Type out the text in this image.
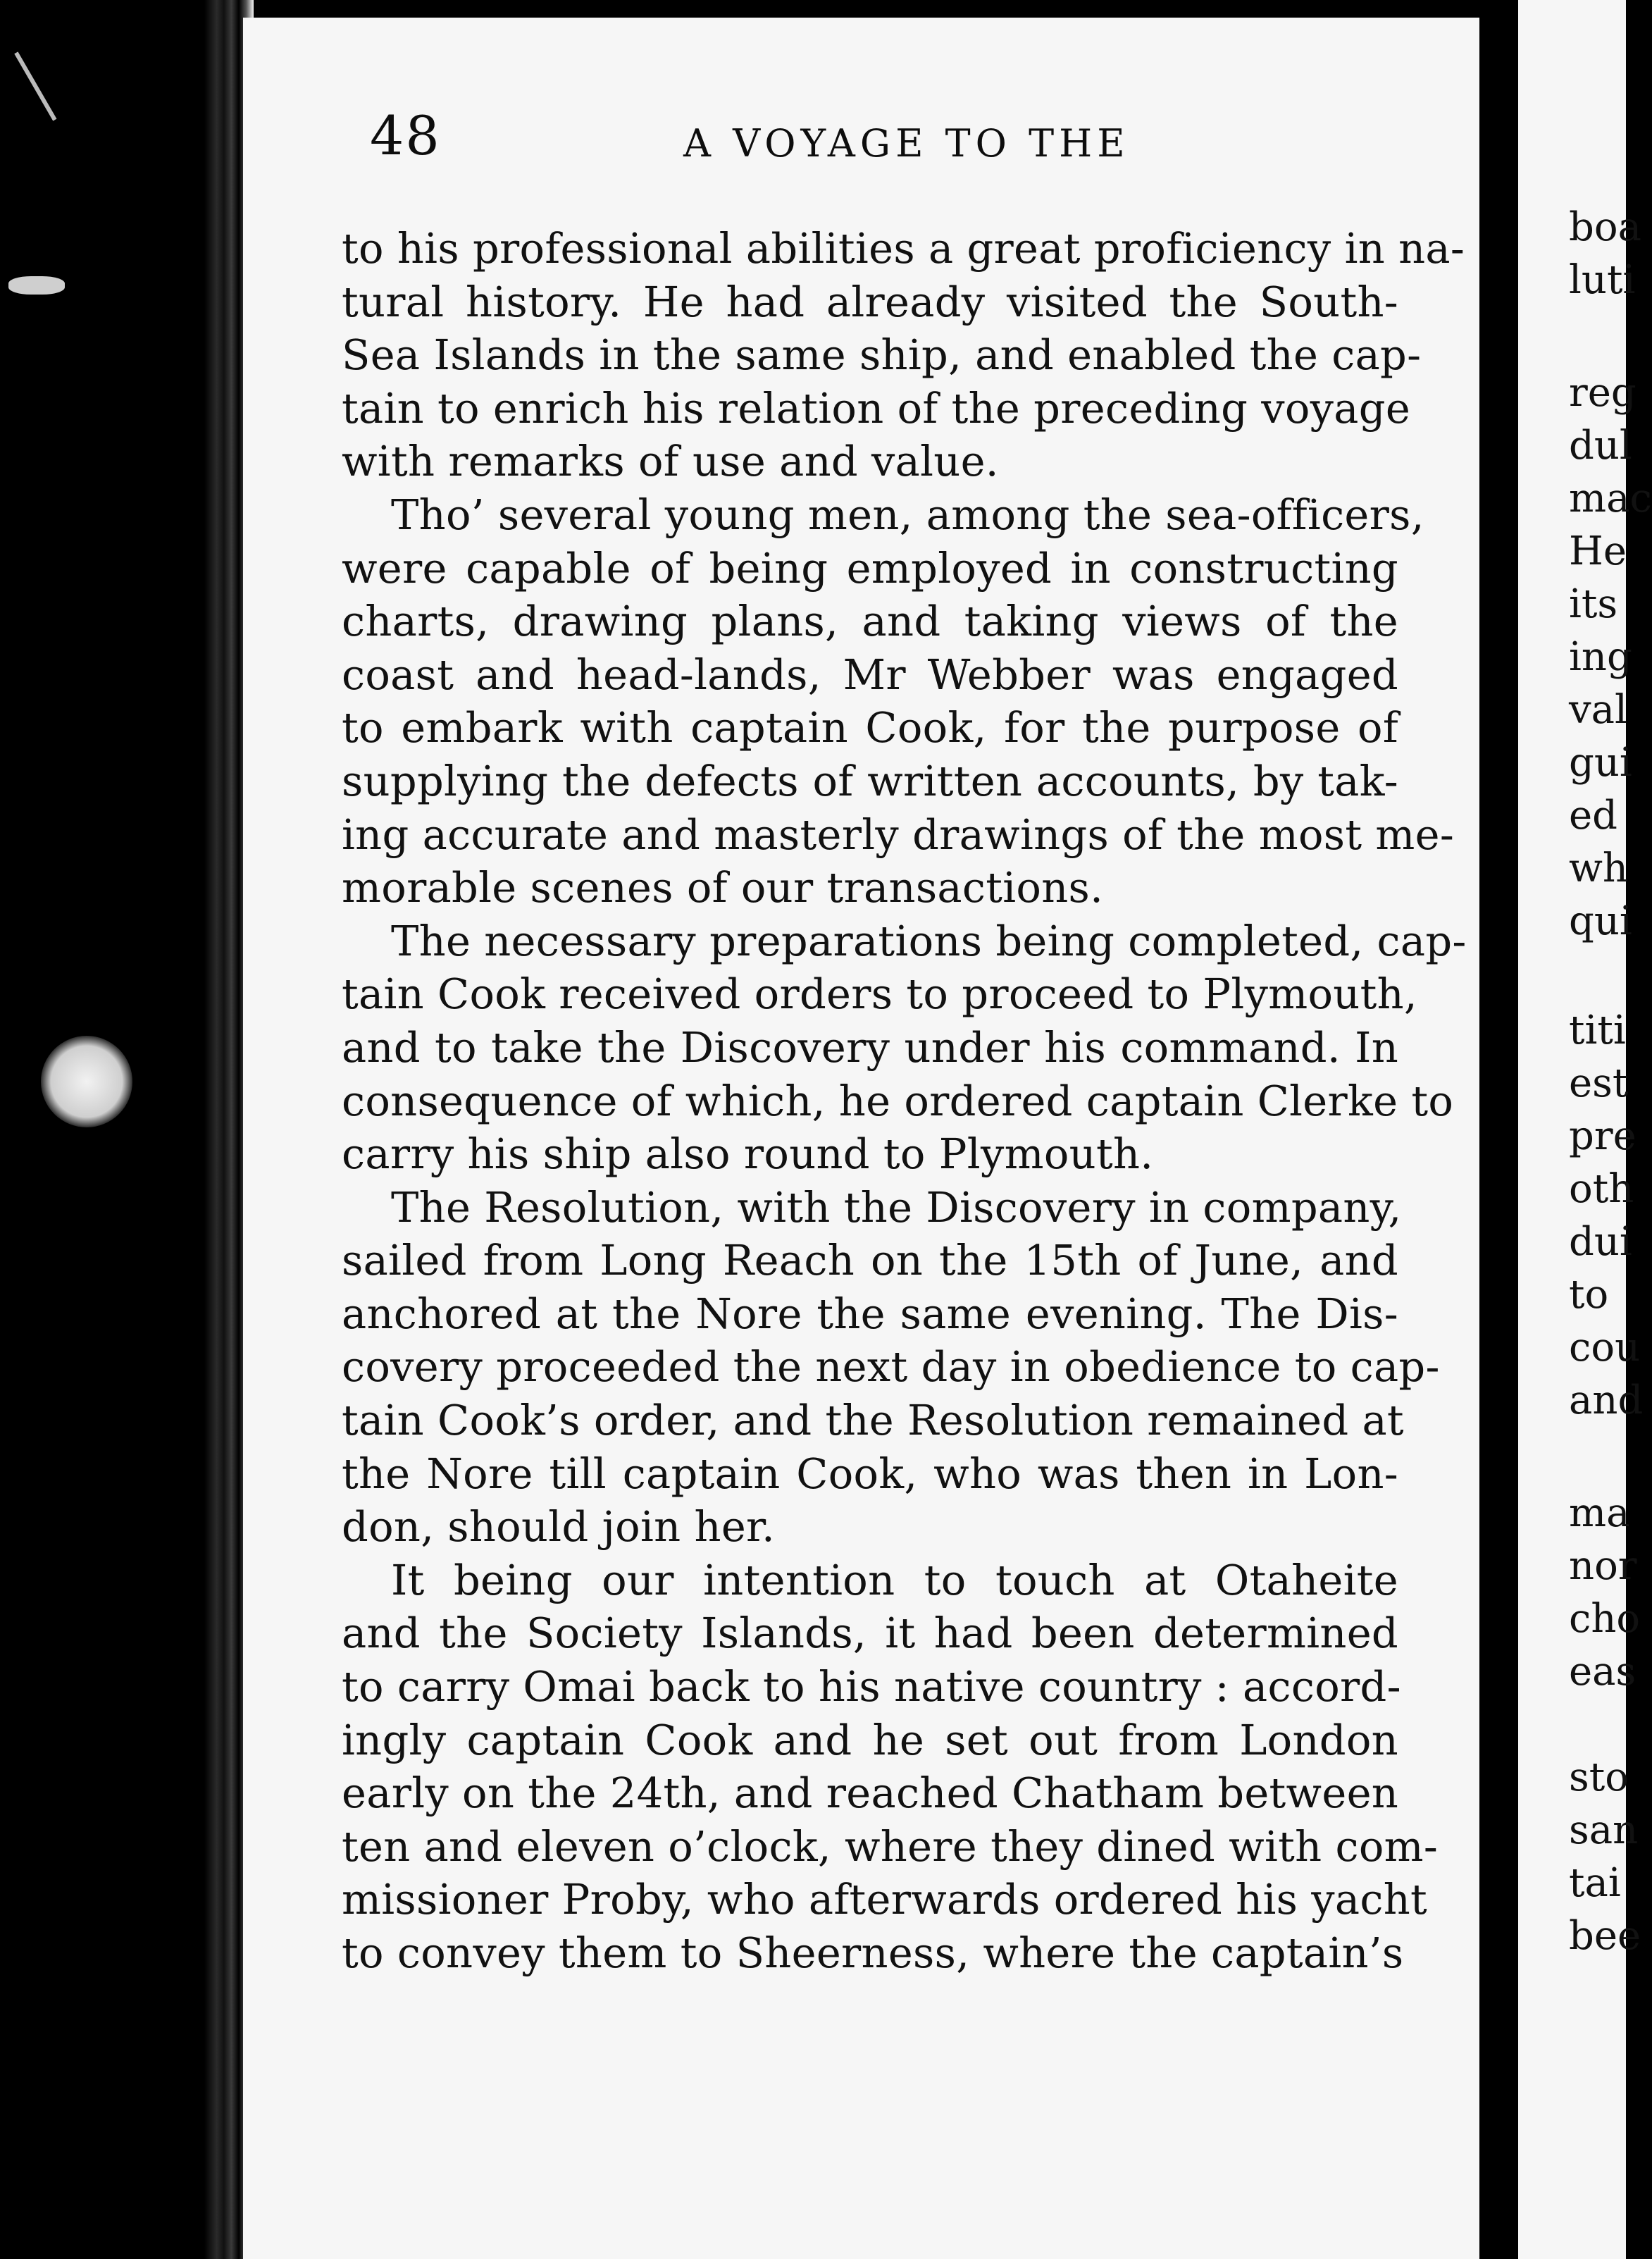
48	A VOYAGE TO THE
to his professional abilities a great proficiency in na-
tural history. He had already visited the South-
Sea Islands in the same ship, and enabled the cap-
tain to enrich his relation of the preceding voyage
with remarks of use and value.
Tho’ several young men, among the sea-officers,
were capable of being employed in constructing
charts, drawing plans, and taking views of the
coast and head-lands, Mr Webber was engaged
to embark with captain Cook, for the purpose of
supplying the defects of written accounts, by tak-
ing accurate and masterly drawings of the most me-
morable scenes of our transactions.
The necessary preparations being completed, cap-
tain Cook received orders to proceed to Plymouth,
and to take the Discovery under his command. In
consequence of which, he ordered captain Clerke to
carry his ship also round to Plymouth.
The Resolution, with the Discovery in company,
sailed from Long Reach on the 15th of June, and
anchored at the Nore the same evening. The Dis-
covery proceeded the next day in obedience to cap-
tain Cook’s order, and the Resolution remained at
the Nore till captain Cook, who was then in Lon-
don, should join her.
It being our intention to touch at Otaheite
and the Society Islands, it had been determined
to carry Omai back to his native country : accord-
ingly captain Cook and he set out from London
early on the 24th, and reached Chatham between
ten and eleven o’clock, where they dined with com-
missioner Proby, who afterwards ordered his yacht
to convey them to Sheerness, where the captain’s
boa
luti
reg
dul
mac
He
its
ing
val
gui
ed
wh
qui
titi
est
pre
oth
dui
to
cou
and
ma
nor
cho
eas
sto
san
tai
bee
